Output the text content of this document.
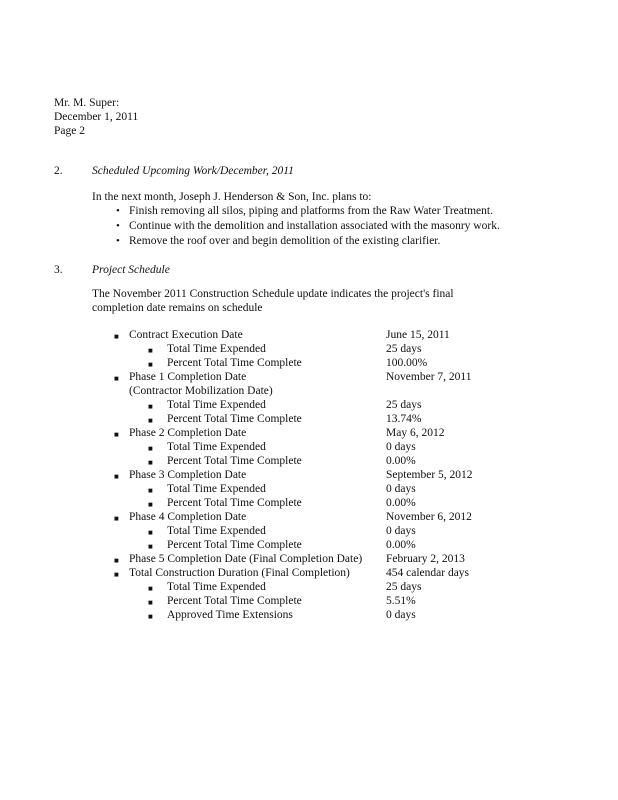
Mr. M. Super:
December 1, 2011
Page 2
2.	Scheduled Upcoming Work/December, 2011
In the next month, Joseph J. Henderson & Son, Inc. plans to:
• Finish removing all silos, piping and platforms from the Raw Water Treatment.
• Continue with the demolition and installation associated with the masonry work.
• Remove the roof over and begin demolition of the existing clarifier.
3.	Project Schedule
The November 2011 Construction Schedule update indicates the project's final
completion date remains on schedule
■ Contract Execution Date	June 15, 2011
■ Total Time Expended	25 days
■ Percent Total Time Complete	100.00%
■ Phase 1 Completion Date	November 7, 2011
(Contractor Mobilization Date)
■ Total Time Expended	25 days
■ Percent Total Time Complete	13.74%
■ Phase 2 Completion Date	May 6, 2012
■ Total Time Expended	0 days
■ Percent Total Time Complete	0.00%
■ Phase 3 Completion Date	September 5, 2012
■ Total Time Expended	0 days
■ Percent Total Time Complete	0.00%
■ Phase 4 Completion Date	November 6, 2012
■ Total Time Expended	0 days
■ Percent Total Time Complete	0.00%
■ Phase 5 Completion Date (Final Completion Date) February 2, 2013
■ Total Construction Duration (Final Completion)	454 calendar days
■ Total Time Expended	25 days
■ Percent Total Time Complete	5.51%
■ Approved Time Extensions	0 days
